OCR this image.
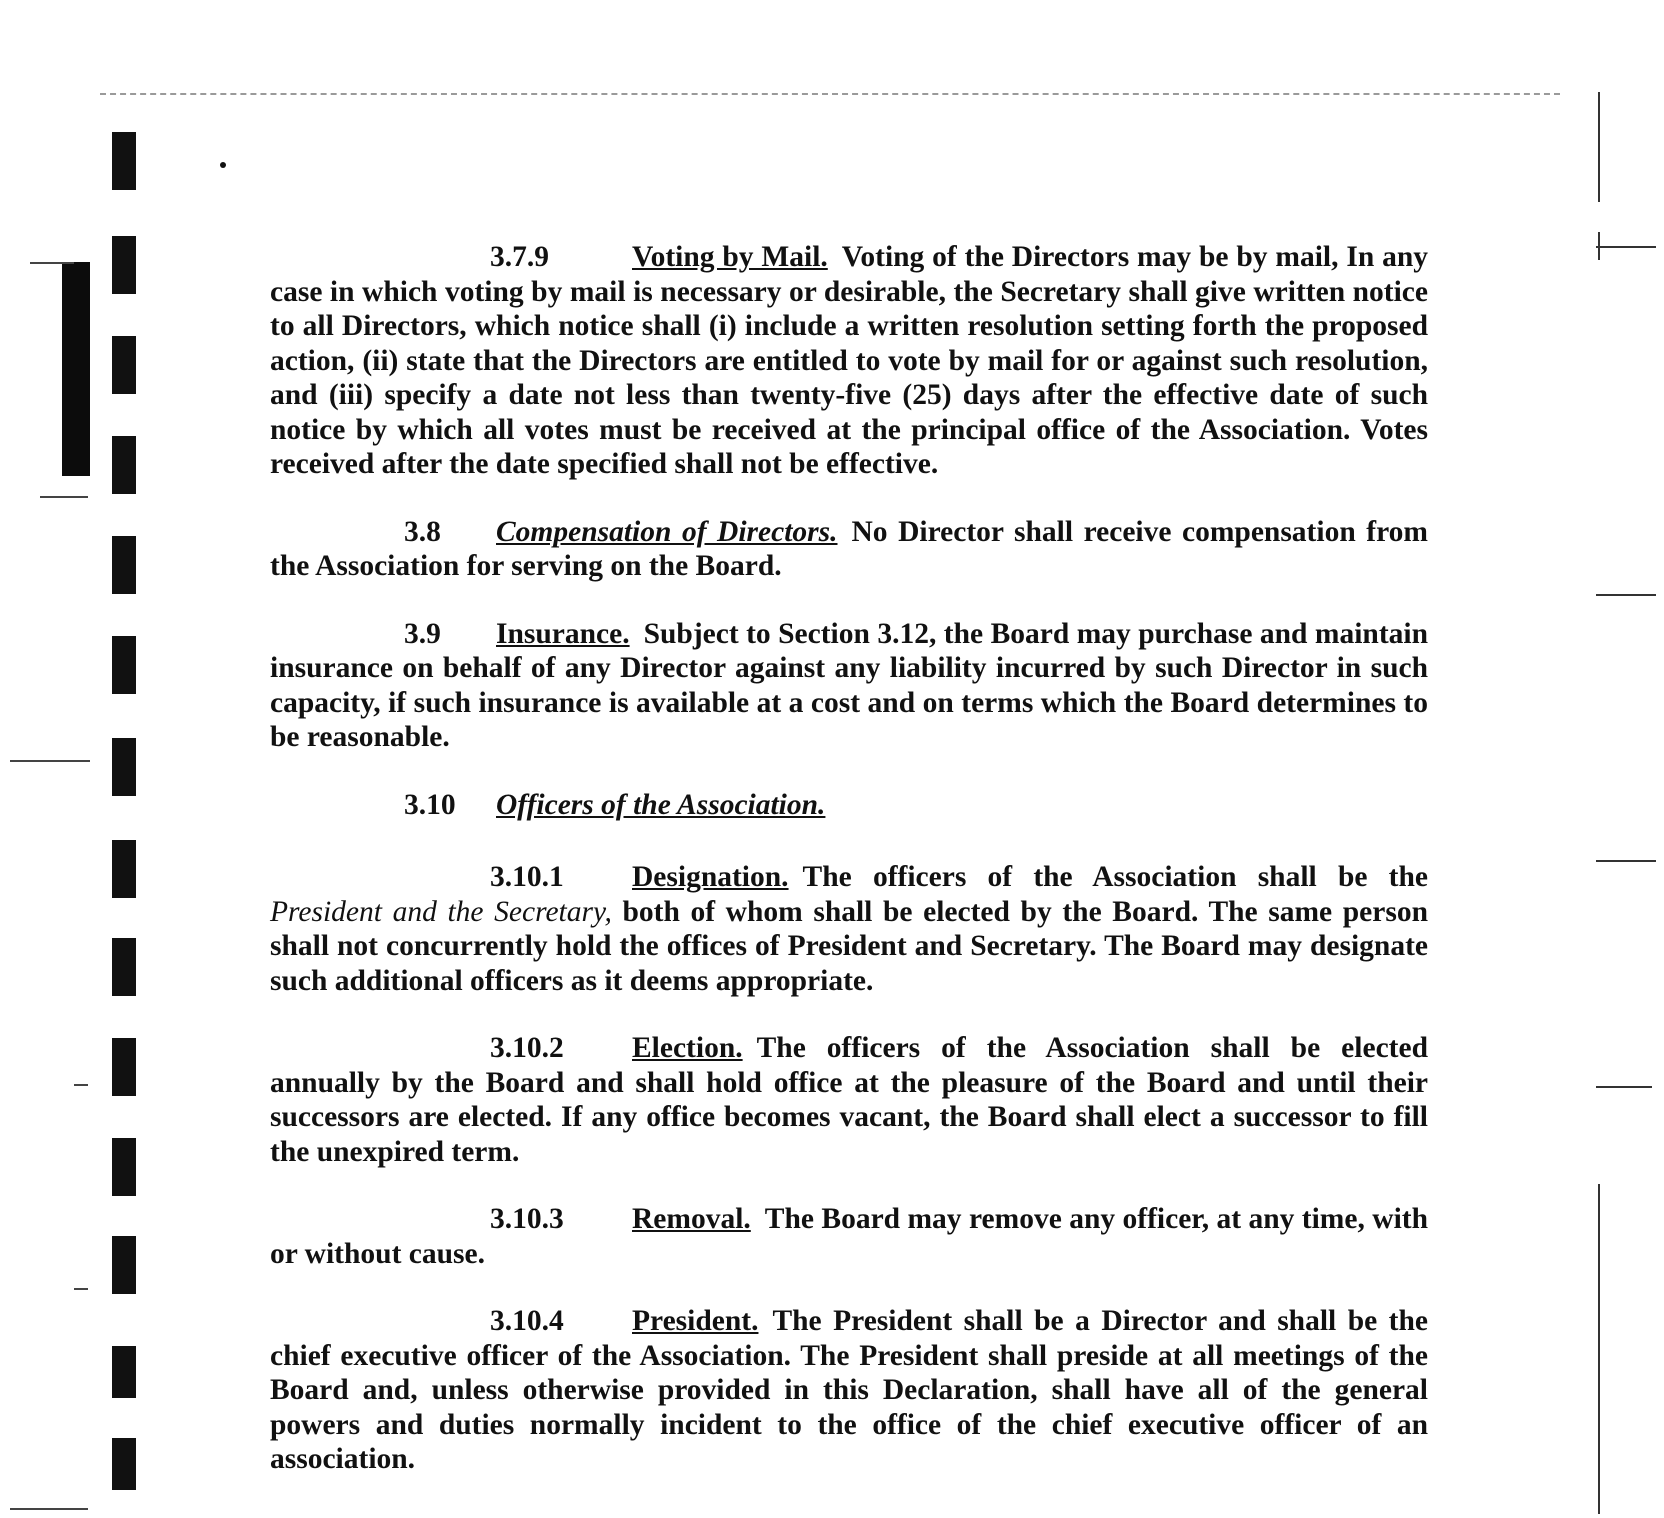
3.7.9	Voting by Mail. Voting of the Directors may be by mail, In any case in which voting by mail is necessary or desirable, the Secretary shall give written notice to all Directors, which notice shall (i) include a written resolution setting forth the proposed action, (ii) state that the Directors are entitled to vote by mail for or against such resolution, and (iii) specify a date not less than twenty-five (25) days after the effective date of such notice by which all votes must be received at the principal office of the Association. Votes received after the date specified shall not be effective.

3.8 Compensation of Directors. No Director shall receive compensation from the Association for serving on the Board.

3.9 Insurance. Subject to Section 3.12, the Board may purchase and maintain insurance on behalf of any Director against any liability incurred by such Director in such capacity, if such insurance is available at a cost and on terms which the Board determines to be reasonable.

3.10 Officers of the Association.

3.10.1 Designation. The officers of the Association shall be the President and the Secretary, both of whom shall be elected by the Board. The same person shall not concurrently hold the offices of President and Secretary. The Board may designate such additional officers as it deems appropriate.

3.10.2 Election. The officers of the Association shall be elected annually by the Board and shall hold office at the pleasure of the Board and until their successors are elected. If any office becomes vacant, the Board shall elect a successor to fill the unexpired term.

3.10.3 Removal. The Board may remove any officer, at any time, with or without cause.

3.10.4 President. The President shall be a Director and shall be the chief executive officer of the Association. The President shall preside at all meetings of the Board and, unless otherwise provided in this Declaration, shall have all of the general powers and duties normally incident to the office of the chief executive officer of an association.
